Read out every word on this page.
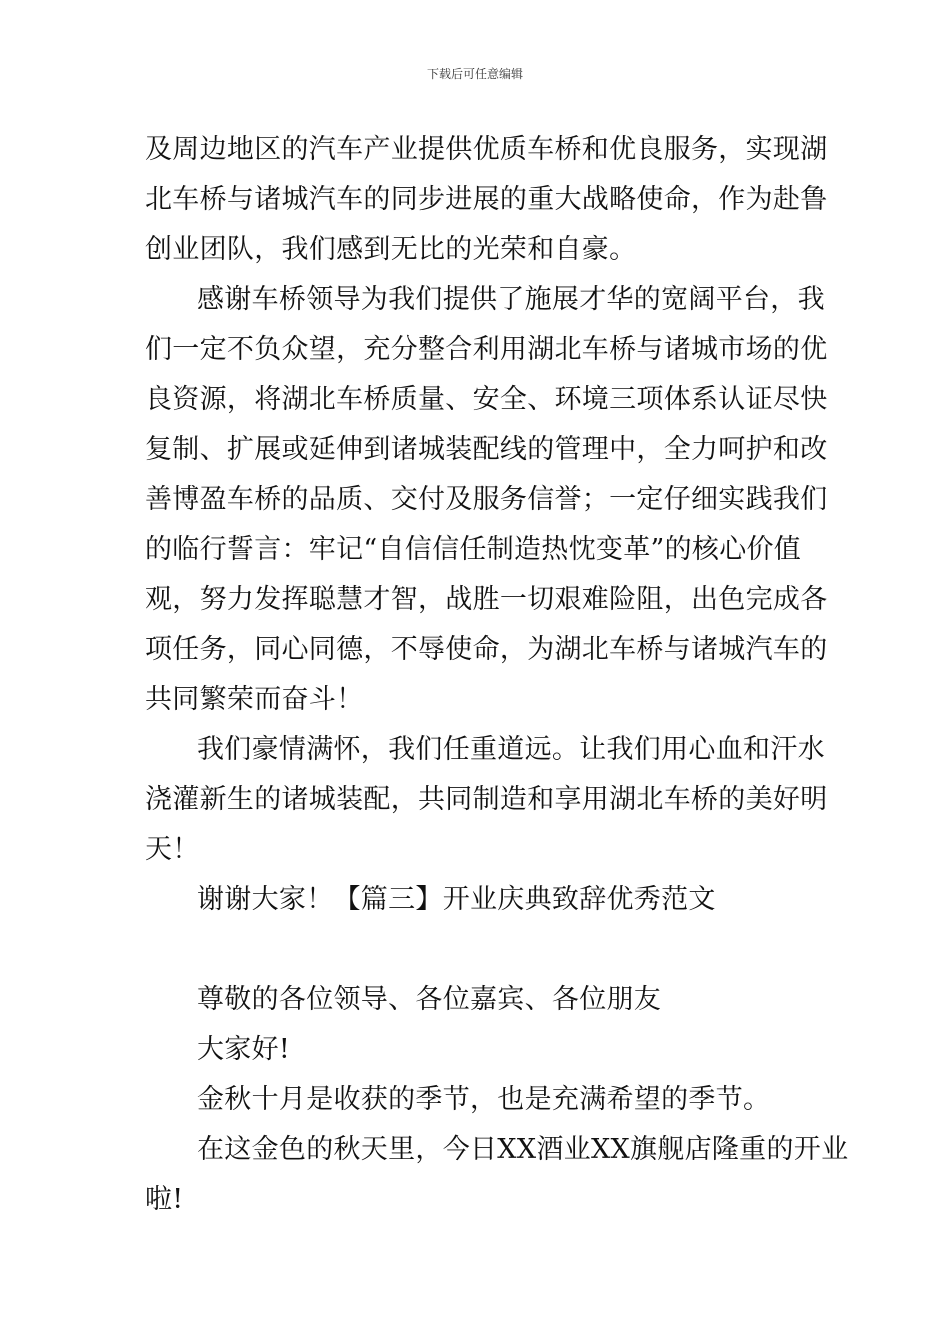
下载后可任意编辑
及周边地区的汽车产业提供优质车桥和优良服务，实现湖
北车桥与诸城汽车的同步进展的重大战略使命，作为赴鲁
创业团队，我们感到无比的光荣和自豪。
感谢车桥领导为我们提供了施展才华的宽阔平台，我
们一定不负众望，充分整合利用湖北车桥与诸城市场的优
良资源，将湖北车桥质量、安全、环境三项体系认证尽快
复制、扩展或延伸到诸城装配线的管理中，全力呵护和改
善博盈车桥的品质、交付及服务信誉；一定仔细实践我们
的临行誓言：牢记“自信信任制造热忱变革”的核心价值
观，努力发挥聪慧才智，战胜一切艰难险阻，出色完成各
项任务，同心同德，不辱使命，为湖北车桥与诸城汽车的
共同繁荣而奋斗！
我们豪情满怀，我们任重道远。让我们用心血和汗水
浇灌新生的诸城装配，共同制造和享用湖北车桥的美好明
天！
谢谢大家！【篇三】开业庆典致辞优秀范文
尊敬的各位领导、各位嘉宾、各位朋友
大家好!
金秋十月是收获的季节，也是充满希望的季节。
在这金色的秋天里，今日XX酒业XX旗舰店隆重的开业
啦!
